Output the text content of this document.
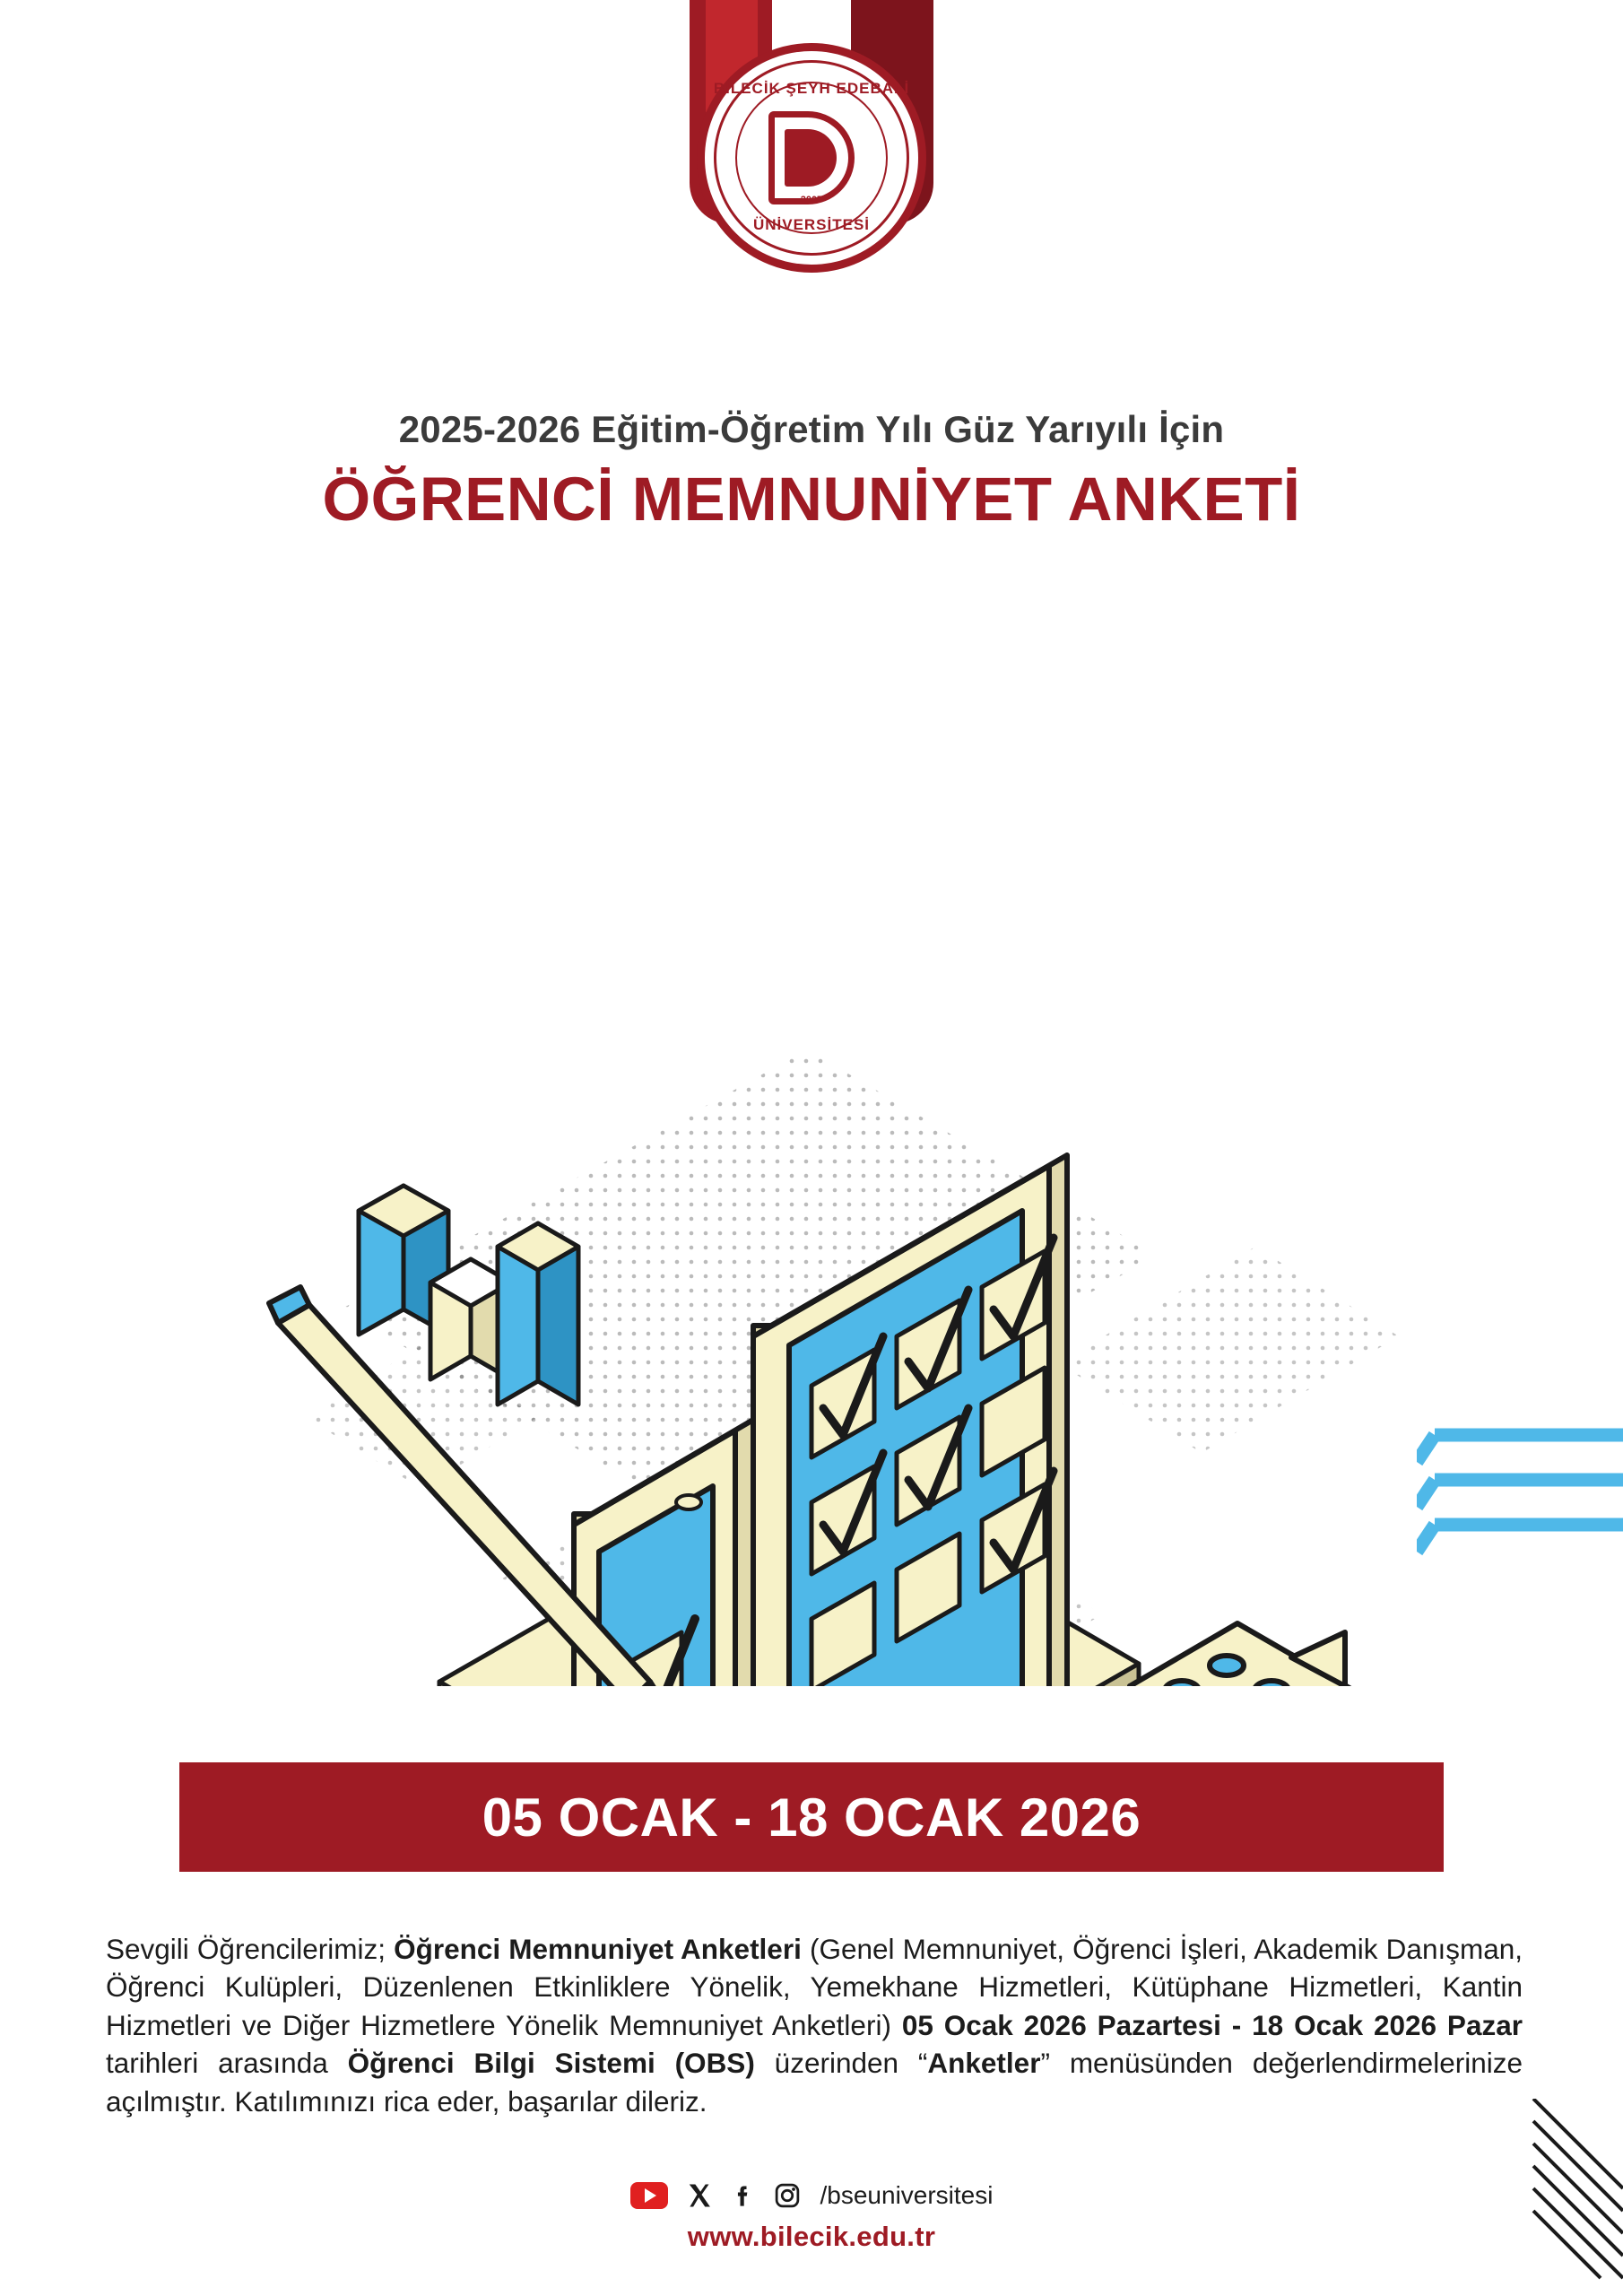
BİLECİK ŞEYH EDEBALİ
2007
ÜNİVERSİTESİ
2025-2026 Eğitim-Öğretim Yılı Güz Yarıyılı İçin
ÖĞRENCİ MEMNUNİYET ANKETİ
05 OCAK - 18 OCAK 2026

Sevgili Öğrencilerimiz; Öğrenci Memnuniyet Anketleri (Genel Memnuniyet, Öğrenci İşleri, Akademik Danışman, Öğrenci Kulüpleri, Düzenlenen Etkinliklere Yönelik, Yemekhane Hizmetleri, Kütüphane Hizmetleri, Kantin Hizmetleri ve Diğer Hizmetlere Yönelik Memnuniyet Anketleri) 05 Ocak 2026 Pazartesi - 18 Ocak 2026 Pazar tarihleri arasında Öğrenci Bilgi Sistemi (OBS) üzerinden “Anketler” menüsünden değerlendirmelerinize açılmıştır. Katılımınızı rica eder, başarılar dileriz.

/bseuniversitesi
www.bilecik.edu.tr
